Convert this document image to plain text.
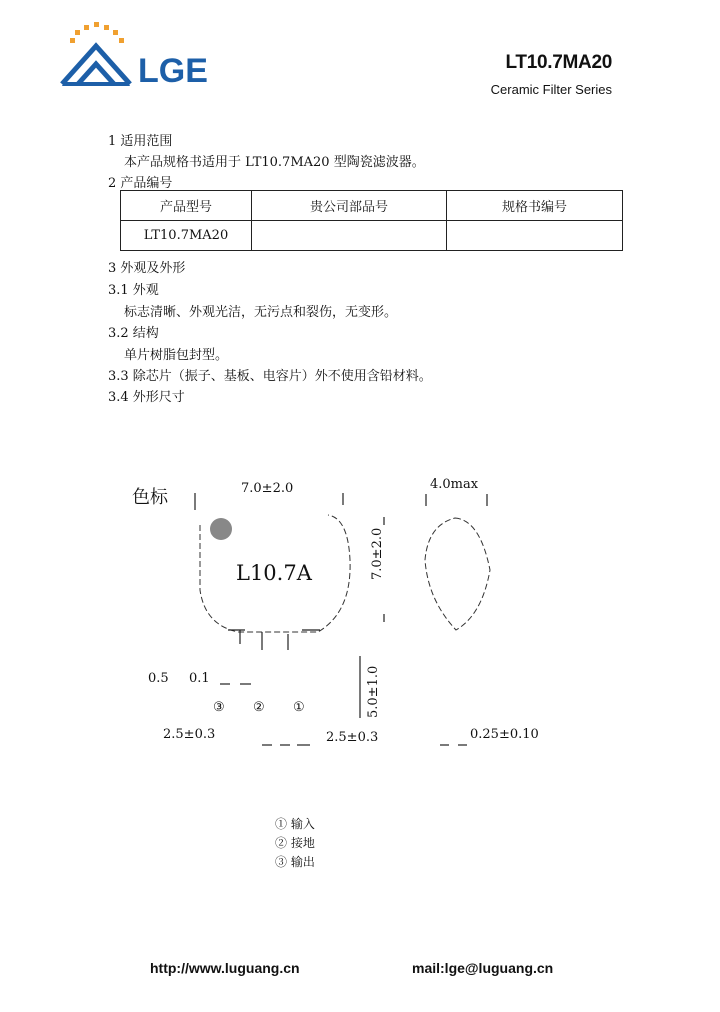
LGE	LT10.7MA20
Ceramic Filter Series
1 适用范围
本产品规格书适用于 LT10.7MA20 型陶瓷滤波器。
2 产品编号
产品型号	贵公司部品号	规格书编号
LT10.7MA20		
3 外观及外形
3.1 外观
标志清晰、外观光洁，无污点和裂伤，无变形。
3.2 结构
单片树脂包封型。
3.3 除芯片（振子、基板、电容片）外不使用含铅材料。
3.4 外形尺寸
色标
L10.7A
7.0±2.0	4.0max
7.0±2.0
5.0±1.0
0.5 0.1
③ ② ①
2.5±0.3	2.5±0.3	0.25±0.10
① 输入
② 接地
③ 输出
http://www.luguang.cn	mail:lge@luguang.cn
